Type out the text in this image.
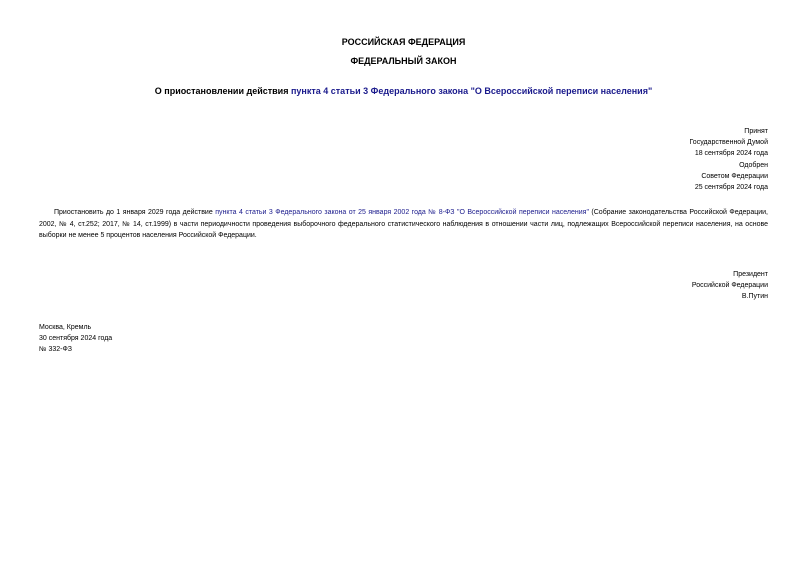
РОССИЙСКАЯ ФЕДЕРАЦИЯ
ФЕДЕРАЛЬНЫЙ ЗАКОН
О приостановлении действия пункта 4 статьи 3 Федерального закона "О Всероссийской переписи населения"
Принят
Государственной Думой
18 сентября 2024 года
Одобрен
Советом Федерации
25 сентября 2024 года
Приостановить до 1 января 2029 года действие пункта 4 статьи 3 Федерального закона от 25 января 2002 года № 8-ФЗ "О Всероссийской переписи населения" (Собрание законодательства Российской Федерации, 2002, № 4, ст.252; 2017, № 14, ст.1999) в части периодичности проведения выборочного федерального статистического наблюдения в отношении части лиц, подлежащих Всероссийской переписи населения, на основе выборки не менее 5 процентов населения Российской Федерации.
Президент
Российской Федерации
В.Путин
Москва, Кремль
30 сентября 2024 года
№ 332-ФЗ
